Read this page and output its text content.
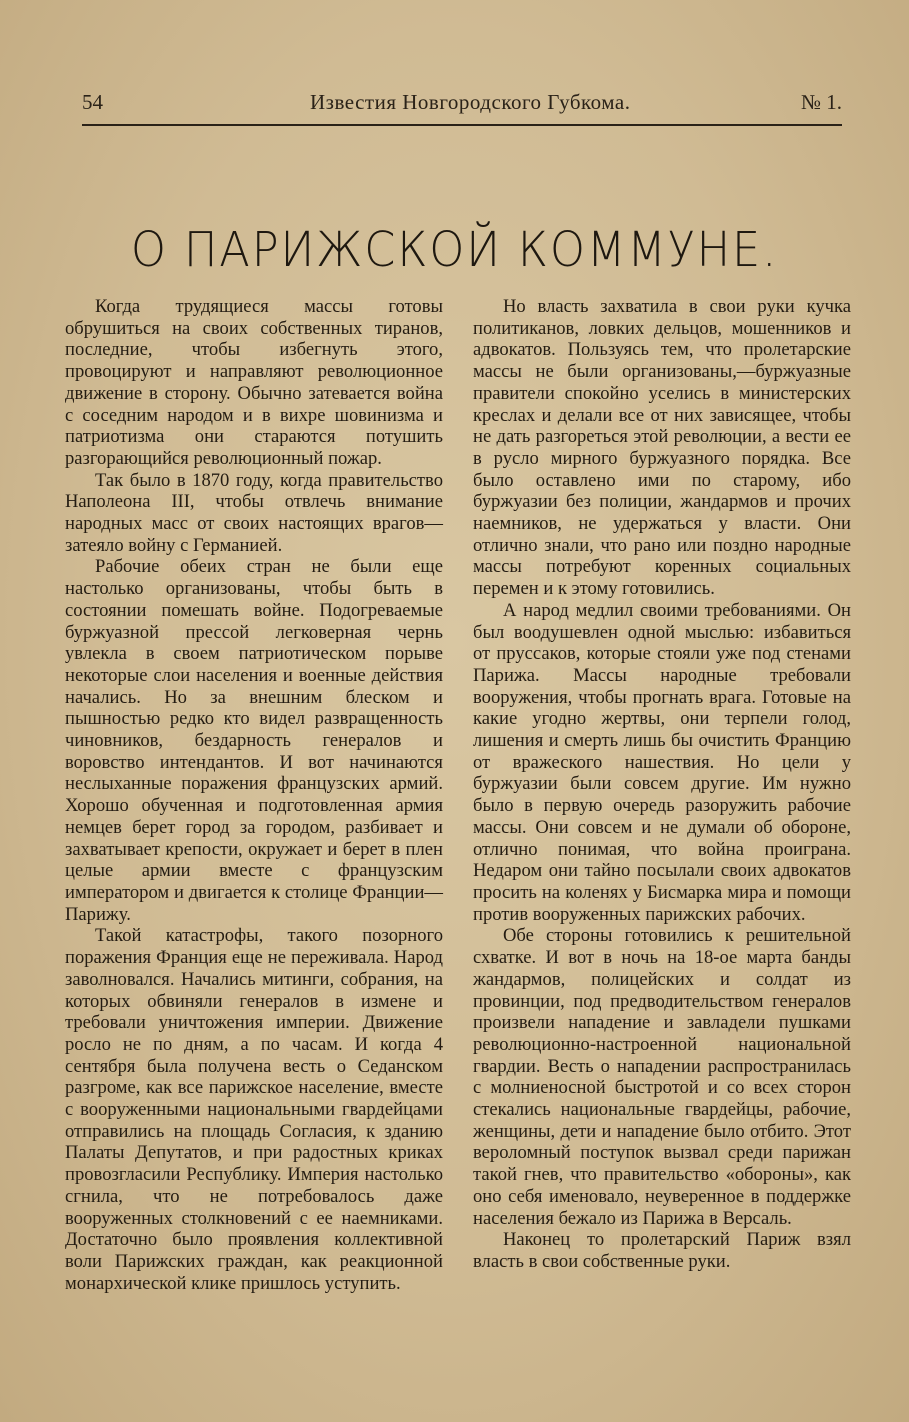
54	Известия Новгородского Губкома.	№ 1.
О ПАРИЖСКОЙ КОММУНЕ.

Когда трудящиеся массы готовы обрушиться на своих собственных тиранов, последние, чтобы избегнуть этого, провоцируют и направляют революционное движение в сторону. Обычно затевается война с соседним народом и в вихре шовинизма и патриотизма они стараются потушить разгорающийся революционный пожар.

Так было в 1870 году, когда правительство Наполеона III, чтобы отвлечь внимание народных масс от своих настоящих врагов—затеяло войну с Германией.

Рабочие обеих стран не были еще настолько организованы, чтобы быть в состоянии помешать войне. Подогреваемые буржуазной прессой легковерная чернь увлекла в своем патриотическом порыве некоторые слои населения и военные действия начались. Но за внешним блеском и пышностью редко кто видел развращенность чиновников, бездарность генералов и воровство интендантов. И вот начинаются неслыханные поражения французских армий. Хорошо обученная и подготовленная армия немцев берет город за городом, разбивает и захватывает крепости, окружает и берет в плен целые армии вместе с французским императором и двигается к столице Франции—Парижу.

Такой катастрофы, такого позорного поражения Франция еще не переживала. Народ заволновался. Начались митинги, собрания, на которых обвиняли генералов в измене и требовали уничтожения империи. Движение росло не по дням, а по часам. И когда 4 сентября была получена весть о Седанском разгроме, как все парижское население, вместе с вооруженными национальными гвардейцами отправились на площадь Согласия, к зданию Палаты Депутатов, и при радостных криках провозгласили Республику. Империя настолько сгнила, что не потребовалось даже вооруженных столкновений с ее наемниками. Достаточно было проявления коллективной воли Парижских граждан, как реакционной монархической клике пришлось уступить.

Но власть захватила в свои руки кучка политиканов, ловких дельцов, мошенников и адвокатов. Пользуясь тем, что пролетарские массы не были организованы,—буржуазные правители спокойно уселись в министерских креслах и делали все от них зависящее, чтобы не дать разгореться этой революции, а вести ее в русло мирного буржуазного порядка. Все было оставлено ими по старому, ибо буржуазии без полиции, жандармов и прочих наемников, не удержаться у власти. Они отлично знали, что рано или поздно народные массы потребуют коренных социальных перемен и к этому готовились.

А народ медлил своими требованиями. Он был воодушевлен одной мыслью: избавиться от пруссаков, которые стояли уже под стенами Парижа. Массы народные требовали вооружения, чтобы прогнать врага. Готовые на какие угодно жертвы, они терпели голод, лишения и смерть лишь бы очистить Францию от вражеского нашествия. Но цели у буржуазии были совсем другие. Им нужно было в первую очередь разоружить рабочие массы. Они совсем и не думали об обороне, отлично понимая, что война проиграна. Недаром они тайно посылали своих адвокатов просить на коленях у Бисмарка мира и помощи против вооруженных парижских рабочих.

Обе стороны готовились к решительной схватке. И вот в ночь на 18-ое марта банды жандармов, полицейских и солдат из провинции, под предводительством генералов произвели нападение и завладели пушками революционно-настроенной национальной гвардии. Весть о нападении распространилась с молниеносной быстротой и со всех сторон стекались национальные гвардейцы, рабочие, женщины, дети и нападение было отбито. Этот вероломный поступок вызвал среди парижан такой гнев, что правительство «обороны», как оно себя именовало, неуверенное в поддержке населения бежало из Парижа в Версаль.

Наконец то пролетарский Париж взял власть в свои собственные руки.
